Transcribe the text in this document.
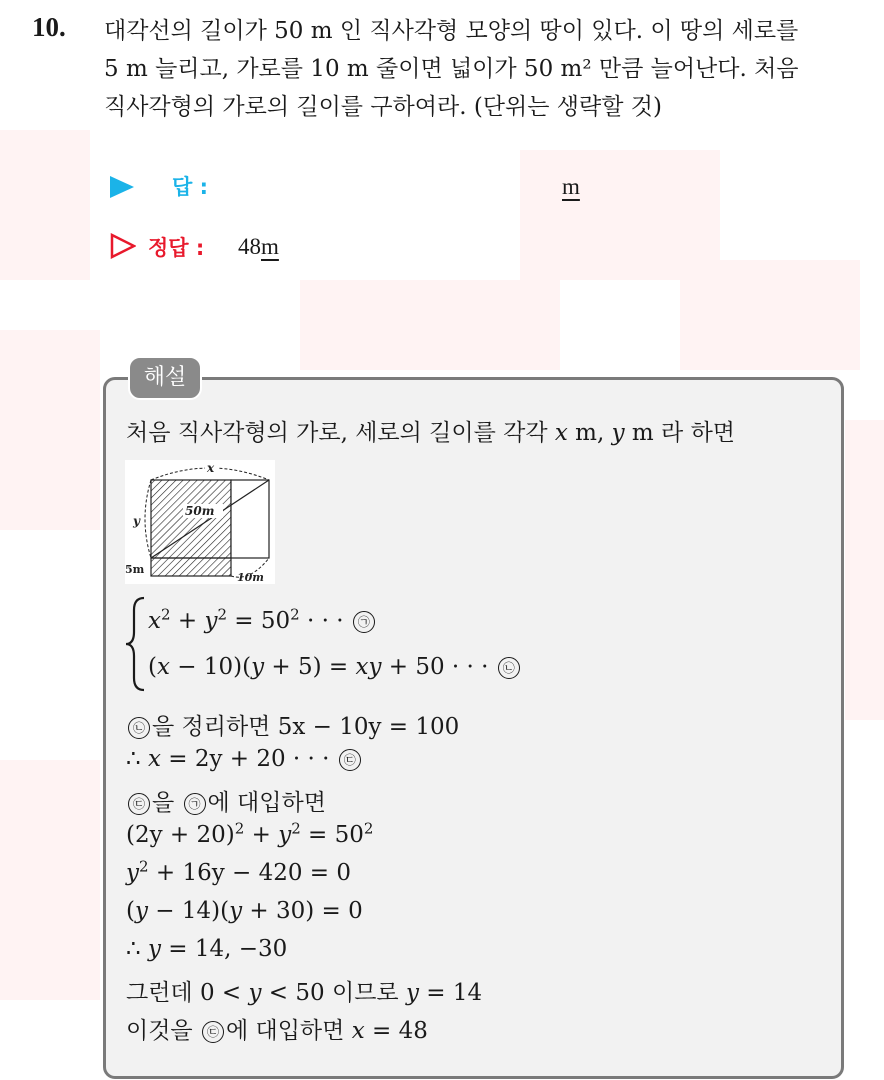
10. 대각선의 길이가 50 m 인 직사각형 모양의 땅이 있다. 이 땅의 세로를
5 m 늘리고, 가로를 10 m 줄이면 넓이가 50 m² 만큼 늘어난다. 처음
직사각형의 가로의 길이를 구하여라. (단위는 생략할 것)
답 :	m
정답 : 48m
해설
처음 직사각형의 가로, 세로의 길이를 각각 x m, y m 라 하면
x
y
50m
5m
10m
$x^2 + y^2 = 50^2$ · · · ㉠
(x − 10)(y + 5) = xy + 50 · · · ㉡
㉡ 을 정리하면 5x − 10y = 100
∴ x = 2y + 20 · · · ㉢
㉢ 을 ㉠ 에 대입하면
$(2y + 20)^2 + y^2 = 50^2$
$y^2 + 16y - 420 = 0$
(y − 14)(y + 30) = 0
∴ y = 14, −30
그런데 0 < y < 50 이므로 y = 14
이것을 ㉢ 에 대입하면 x = 48
